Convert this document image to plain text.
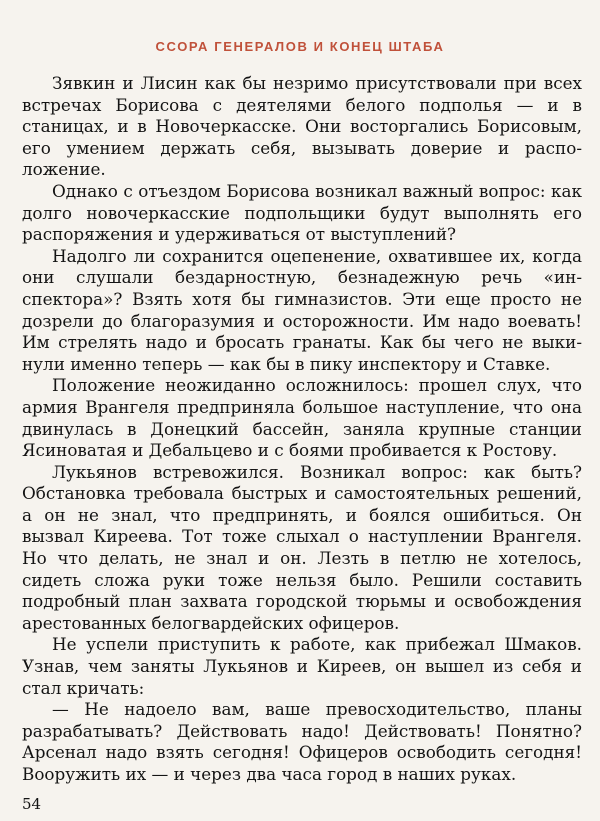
ССОРА ГЕНЕРАЛОВ И КОНЕЦ ШТАБА

Зявкин и Лисин как бы незримо присутствовали при всех встречах Борисова с деятелями белого подполья — и в станицах, и в Новочеркасске. Они восторгались Борисовым, его умением держать себя, вызывать доверие и расположение.

Однако с отъездом Борисова возникал важный вопрос: как долго новочеркасские подпольщики будут выполнять его распоряжения и удерживаться от выступлений?

Надолго ли сохранится оцепенение, охватившее их, когда они слушали бездарностную, безнадежную речь «инспектора»? Взять хотя бы гимназистов. Эти еще просто не дозрели до благоразумия и осторожности. Им надо воевать! Им стрелять надо и бросать гранаты. Как бы чего не выкинули именно теперь — как бы в пику инспектору и Ставке.

Положение неожиданно осложнилось: прошел слух, что армия Врангеля предприняла большое наступление, что она двинулась в Донецкий бассейн, заняла крупные станции Ясиноватая и Дебальцево и с боями пробивается к Ростову.

Лукьянов встревожился. Возникал вопрос: как быть? Обстановка требовала быстрых и самостоятельных решений, а он не знал, что предпринять, и боялся ошибиться. Он вызвал Киреева. Тот тоже слыхал о наступлении Врангеля. Но что делать, не знал и он. Лезть в петлю не хотелось, сидеть сложа руки тоже нельзя было. Решили составить подробный план захвата городской тюрьмы и освобождения арестованных белогвардейских офицеров.

Не успели приступить к работе, как прибежал Шмаков. Узнав, чем заняты Лукьянов и Киреев, он вышел из себя и стал кричать:

— Не надоело вам, ваше превосходительство, планы разрабатывать? Действовать надо! Действовать! Понятно? Арсенал надо взять сегодня! Офицеров освободить сегодня! Вооружить их — и через два часа город в наших руках.

54
